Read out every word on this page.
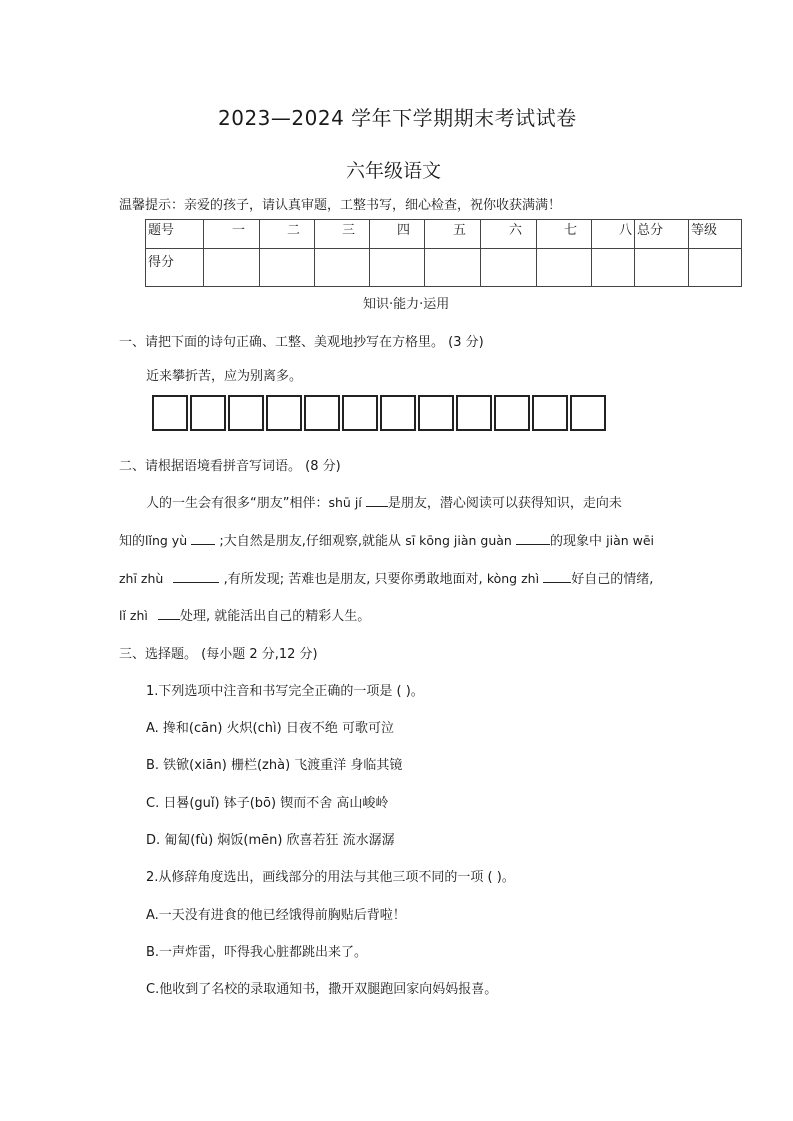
2023—2024 学年下学期期末考试试卷
六年级语文
温馨提示：亲爱的孩子，请认真审题，工整书写，细心检查，祝你收获满满！
题号	一	二	三	四	五	六	七	八	总分	等级
得分										
知识·能力·运用
一、请把下面的诗句正确、工整、美观地抄写在方格里。 (3 分)
近来攀折苦，应为别离多。
二、请根据语境看拼音写词语。 (8 分)
人的一生会有很多“朋友”相伴：shū jí 是朋友，潜心阅读可以获得知识，走向未
知的lǐng yù ;大自然是朋友,仔细观察,就能从 sī kōng jiàn guàn	的现象中 jiàn wēi
zhī zhù	,有所发现; 苦难也是朋友, 只要你勇敢地面对, kòng zhì 好自己的情绪,
lǐ zhì 处理, 就能活出自己的精彩人生。
三、选择题。 (每小题 2 分,12 分)
1.下列选项中注音和书写完全正确的一项是 ( )。
A. 搀和(cān) 火炽(chì) 日夜不绝 可歌可泣
B. 铁锨(xiān) 栅栏(zhà) 飞渡重洋 身临其镜
C. 日晷(guǐ) 钵子(bō) 锲而不舍 高山峻岭
D. 匍匐(fù) 焖饭(mēn) 欣喜若狂 流水潺潺
2.从修辞角度选出，画线部分的用法与其他三项不同的一项 ( )。
A.一天没有进食的他已经饿得前胸贴后背啦！
B.一声炸雷，吓得我心脏都跳出来了。
C.他收到了名校的录取通知书，撒开双腿跑回家向妈妈报喜。
